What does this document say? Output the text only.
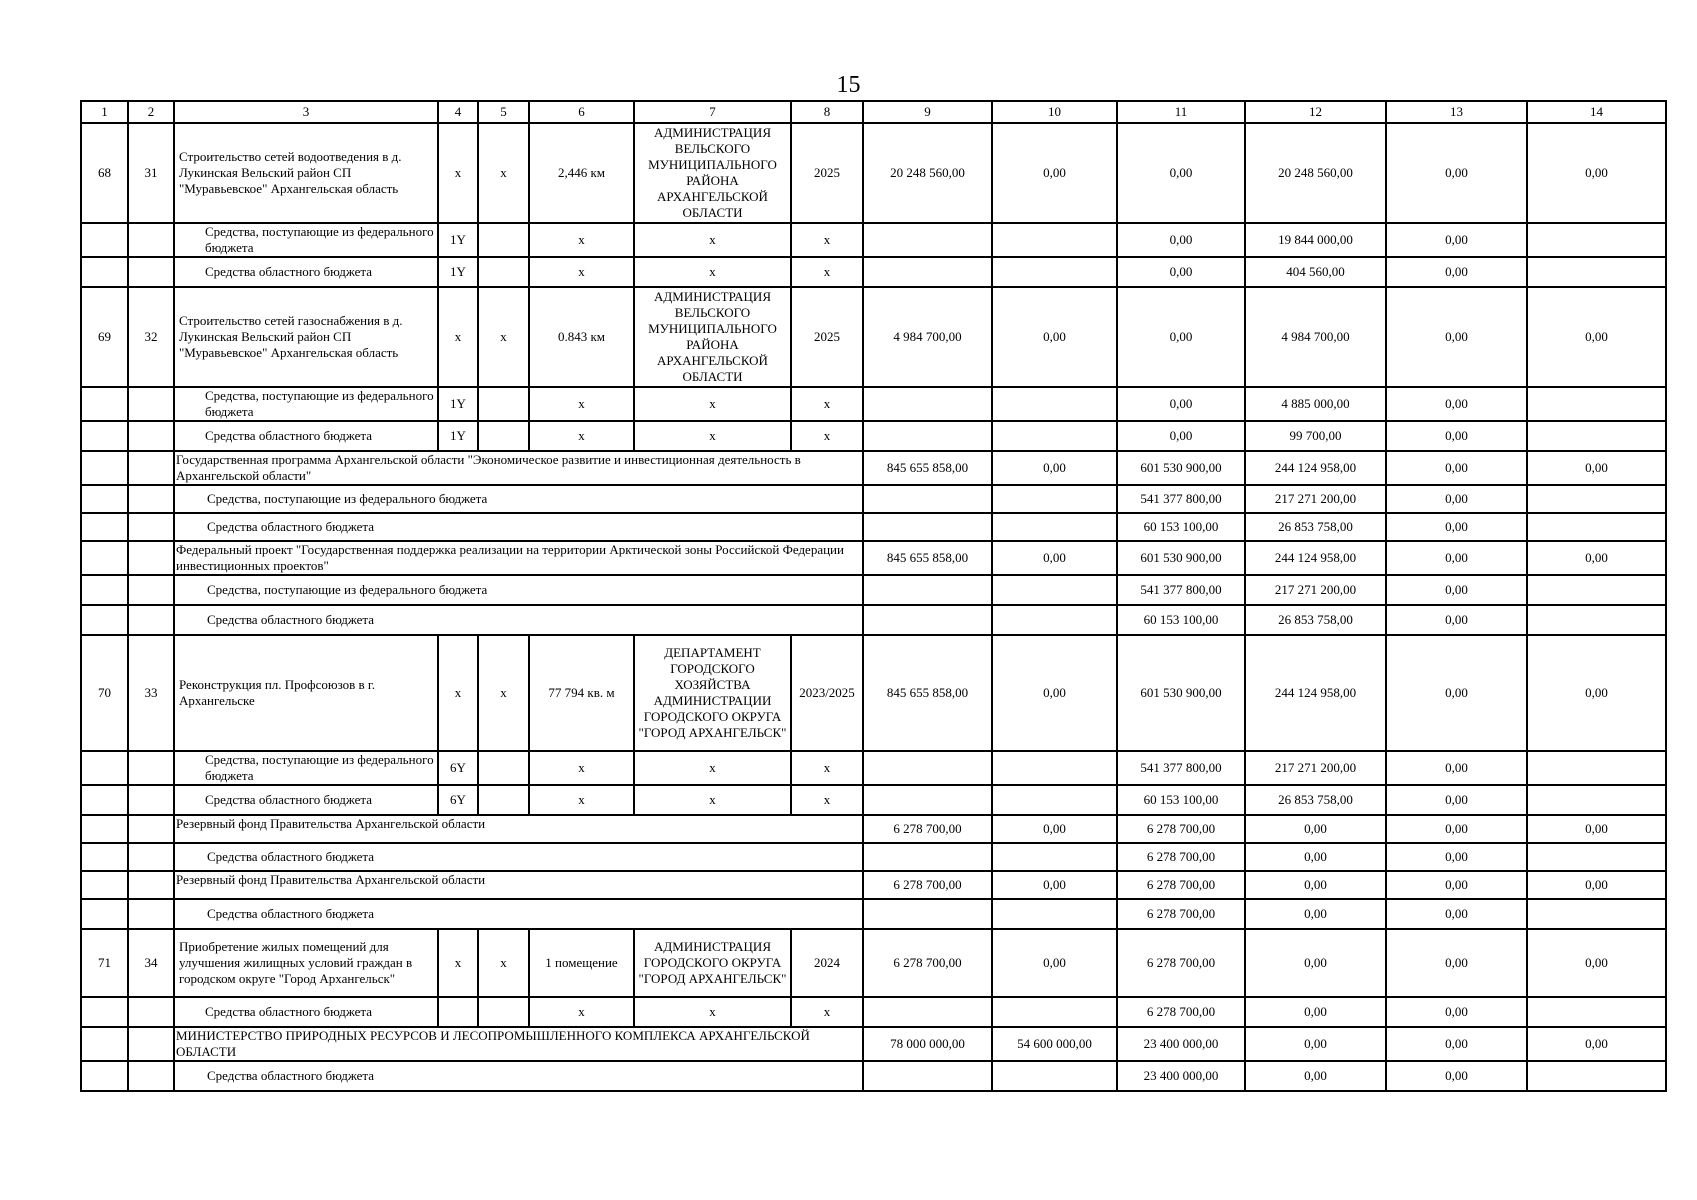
15
1	2	3	4	5	6	7	8	9	10	11	12	13	14
68	31	Строительство сетей водоотведения в д. Лукинская Вельский район СП "Муравьевское" Архангельская область	x	x	2,446 км	АДМИНИСТРАЦИЯ ВЕЛЬСКОГО МУНИЦИПАЛЬНОГО РАЙОНА АРХАНГЕЛЬСКОЙ ОБЛАСТИ	2025	20 248 560,00	0,00	0,00	20 248 560,00	0,00	0,00
		Средства, поступающие из федерального бюджета	1Y		x	x	x			0,00	19 844 000,00	0,00	
		Средства областного бюджета	1Y		x	x	x			0,00	404 560,00	0,00	
69	32	Строительство сетей газоснабжения в д. Лукинская Вельский район СП "Муравьевское" Архангельская область	x	x	0.843 км	АДМИНИСТРАЦИЯ ВЕЛЬСКОГО МУНИЦИПАЛЬНОГО РАЙОНА АРХАНГЕЛЬСКОЙ ОБЛАСТИ	2025	4 984 700,00	0,00	0,00	4 984 700,00	0,00	0,00
		Средства, поступающие из федерального бюджета	1Y		x	x	x			0,00	4 885 000,00	0,00	
		Средства областного бюджета	1Y		x	x	x			0,00	99 700,00	0,00	
		Государственная программа Архангельской области "Экономическое развитие и инвестиционная деятельность в Архангельской области"						845 655 858,00	0,00	601 530 900,00	244 124 958,00	0,00	0,00
		Средства, поступающие из федерального бюджета								541 377 800,00	217 271 200,00	0,00	
		Средства областного бюджета								60 153 100,00	26 853 758,00	0,00	
		Федеральный проект "Государственная поддержка реализации на территории Арктической зоны Российской Федерации инвестиционных проектов"						845 655 858,00	0,00	601 530 900,00	244 124 958,00	0,00	0,00
		Средства, поступающие из федерального бюджета								541 377 800,00	217 271 200,00	0,00	
		Средства областного бюджета								60 153 100,00	26 853 758,00	0,00	
70	33	Реконструкция пл. Профсоюзов в г. Архангельске	x	x	77 794 кв. м	ДЕПАРТАМЕНТ ГОРОДСКОГО ХОЗЯЙСТВА АДМИНИСТРАЦИИ ГОРОДСКОГО ОКРУГА "ГОРОД АРХАНГЕЛЬСК"	2023/2025	845 655 858,00	0,00	601 530 900,00	244 124 958,00	0,00	0,00
		Средства, поступающие из федерального бюджета	6Y		x	x	x			541 377 800,00	217 271 200,00	0,00	
		Средства областного бюджета	6Y		x	x	x			60 153 100,00	26 853 758,00	0,00	
		Резервный фонд Правительства Архангельской области						6 278 700,00	0,00	6 278 700,00	0,00	0,00	0,00
		Средства областного бюджета								6 278 700,00	0,00	0,00	
		Резервный фонд Правительства Архангельской области						6 278 700,00	0,00	6 278 700,00	0,00	0,00	0,00
		Средства областного бюджета								6 278 700,00	0,00	0,00	
71	34	Приобретение жилых помещений для улучшения жилищных условий граждан в городском округе "Город Архангельск"	x	x	1 помещение	АДМИНИСТРАЦИЯ ГОРОДСКОГО ОКРУГА "ГОРОД АРХАНГЕЛЬСК"	2024	6 278 700,00	0,00	6 278 700,00	0,00	0,00	0,00
		Средства областного бюджета			x	x	x			6 278 700,00	0,00	0,00	
		МИНИСТЕРСТВО ПРИРОДНЫХ РЕСУРСОВ И ЛЕСОПРОМЫШЛЕННОГО КОМПЛЕКСА АРХАНГЕЛЬСКОЙ ОБЛАСТИ						78 000 000,00	54 600 000,00	23 400 000,00	0,00	0,00	0,00
		Средства областного бюджета								23 400 000,00	0,00	0,00	
